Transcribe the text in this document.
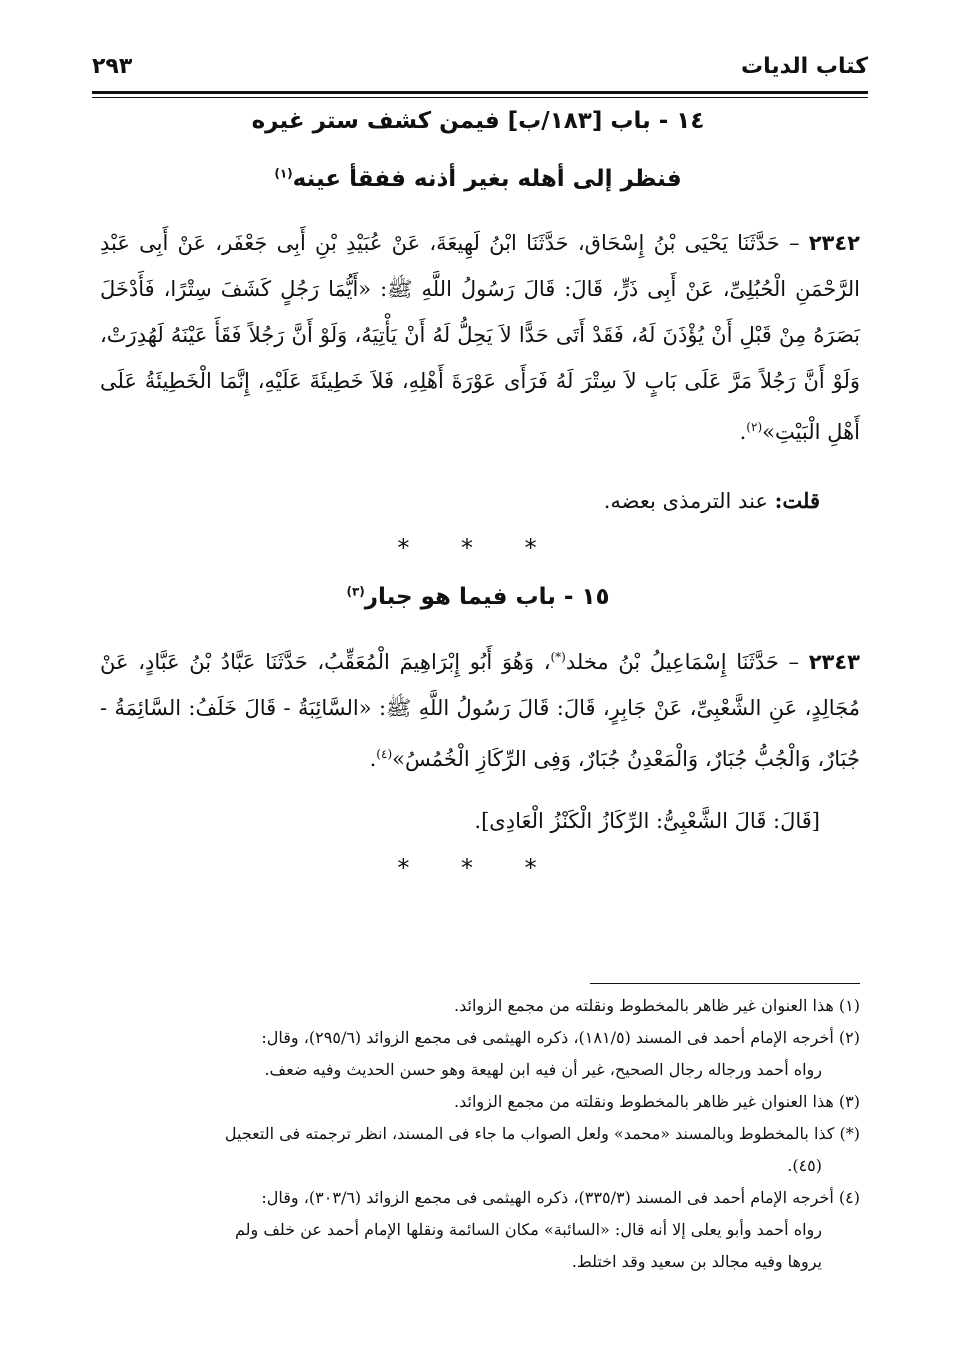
كتاب الديات
٢٩٣
١٤ - باب [١٨٣/ب] فيمن كشف ستر غيره
فنظر إلى أهله بغير أذنه ففقأ عينه$^{(١)}$
٢٣٤٢ – حَدَّثَنَا يَحْيَى بْنُ إِسْحَاق، حَدَّثَنَا ابْنُ لَهِيعَةَ، عَنْ عُبَيْدِ بْنِ أَبِى جَعْفَر، عَنْ أَبِى عَبْدِ الرَّحْمَنِ الْحُبُلِىِّ، عَنْ أَبِى ذَرٍّ، قَالَ: قَالَ رَسُولُ اللَّهِ ﷺ: «أَيُّمَا رَجُلٍ كَشَفَ سِتْرًا، فَأَدْخَلَ بَصَرَهُ مِنْ قَبْلِ أَنْ يُؤْذَنَ لَهُ، فَقَدْ أَتَى حَدًّا لاَ يَحِلُّ لَهُ أَنْ يَأْتِيَهُ، وَلَوْ أَنَّ رَجُلاً فَقَأَ عَيْنَهُ لَهُدِرَتْ، وَلَوْ أَنَّ رَجُلاً مَرَّ عَلَى بَابٍ لاَ سِتْرَ لَهُ فَرَأَى عَوْرَةَ أَهْلِهِ، فَلاَ خَطِيئَةَ عَلَيْهِ، إِنَّمَا الْخَطِيئَةُ عَلَى أَهْلِ الْبَيْتِ»$^{(٢)}$.
قلت: عند الترمذى بعضه.
* * *
١٥ - باب فيما هو جبار$^{(٣)}$
٢٣٤٣ – حَدَّثَنَا إِسْمَاعِيلُ بْنُ مخلد(*)، وَهُوَ أَبُو إِبْرَاهِيمَ الْمُعَقِّبُ، حَدَّثَنَا عَبَّادُ بْنُ عَبَّادٍ، عَنْ مُجَالِدٍ، عَنِ الشَّعْبِىِّ، عَنْ جَابِرٍ، قَالَ: قَالَ رَسُولُ اللَّهِ ﷺ: «السَّائِبَةُ - قَالَ خَلَفُ: السَّائِمَةُ - جُبَارٌ، وَالْجُبُّ جُبَارٌ، وَالْمَعْدِنُ جُبَارٌ، وَفِى الرِّكَازِ الْخُمُسُ»$^{(٤)}$.
[قَالَ: قَالَ الشَّعْبِىُّ: الرِّكَازُ الْكَنْزُ الْعَادِى].
* * *

(١) هذا العنوان غير ظاهر بالمخطوط ونقلته من مجمع الزوائد.

(٢) أخرجه الإمام أحمد فى المسند (١٨١/٥)، ذكره الهيثمى فى مجمع الزوائد (٢٩٥/٦)، وقال:

رواه أحمد ورجاله رجال الصحيح، غير أن فيه ابن لهيعة وهو حسن الحديث وفيه ضعف.

(٣) هذا العنوان غير ظاهر بالمخطوط ونقلته من مجمع الزوائد.

(*) كذا بالمخطوط وبالمسند «محمد» ولعل الصواب ما جاء فى المسند، انظر ترجمته فى التعجيل

(٤٥).

(٤) أخرجه الإمام أحمد فى المسند (٣٣٥/٣)، ذكره الهيثمى فى مجمع الزوائد (٣٠٣/٦)، وقال:

رواه أحمد وأبو يعلى إلا أنه قال: «السائبة» مكان السائمة ونقلها الإمام أحمد عن خلف ولم

يروها وفيه مجالد بن سعيد وقد اختلط.
